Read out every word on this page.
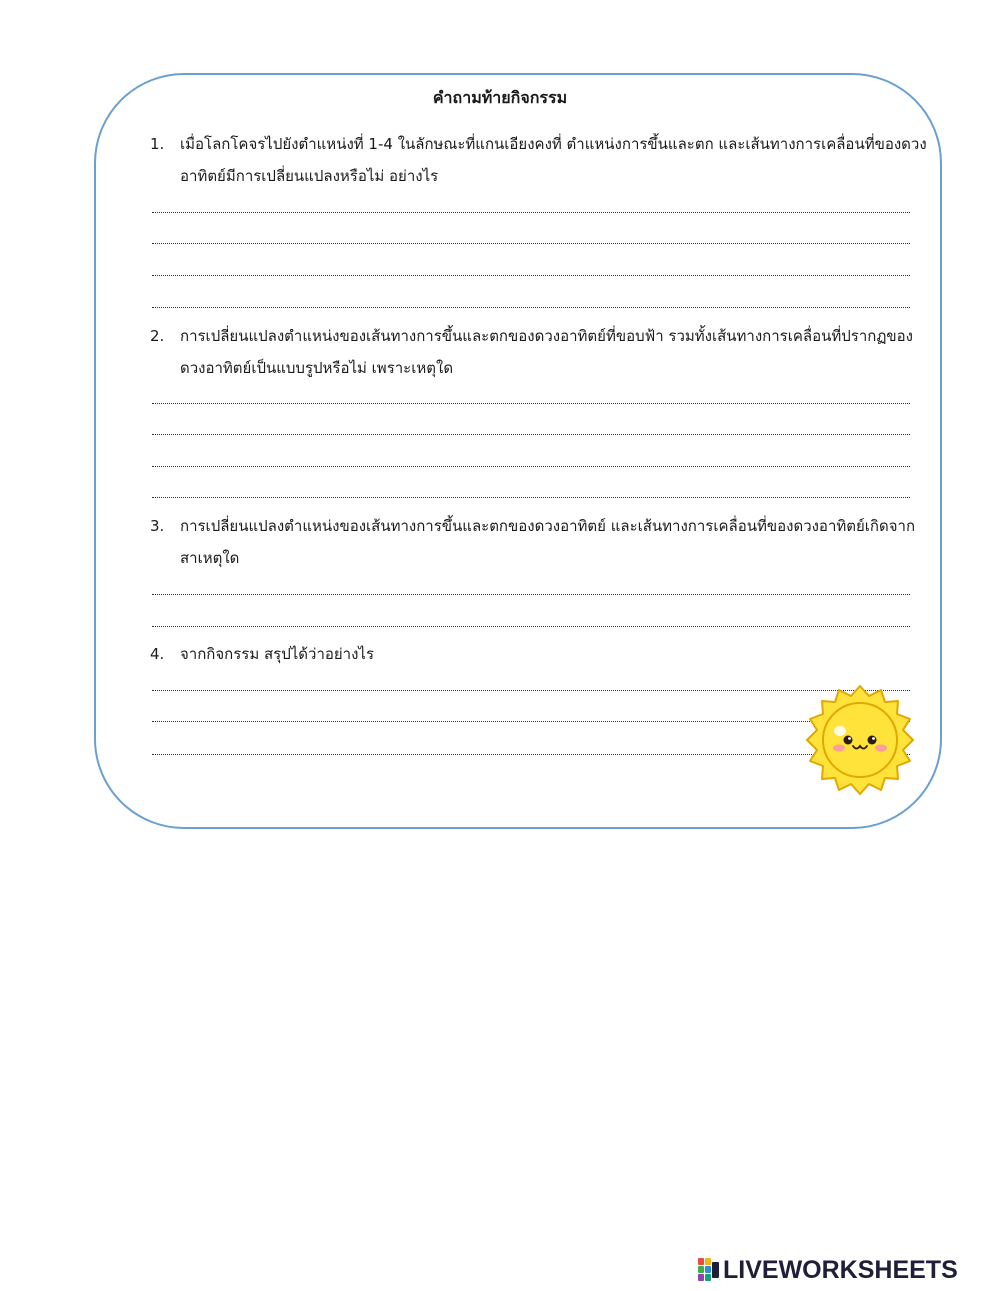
คำถามท้ายกิจกรรม
1.	เมื่อโลกโคจรไปยังตำแหน่งที่ 1-4 ในลักษณะที่แกนเอียงคงที่ ตำแหน่งการขึ้นและตก และเส้นทางการเคลื่อนที่ของดวงอาทิตย์มีการเปลี่ยนแปลงหรือไม่ อย่างไร
2.	การเปลี่ยนแปลงตำแหน่งของเส้นทางการขึ้นและตกของดวงอาทิตย์ที่ขอบฟ้า รวมทั้งเส้นทางการเคลื่อนที่ปรากฏของดวงอาทิตย์เป็นแบบรูปหรือไม่ เพราะเหตุใด
3.	การเปลี่ยนแปลงตำแหน่งของเส้นทางการขึ้นและตกของดวงอาทิตย์ และเส้นทางการเคลื่อนที่ของดวงอาทิตย์เกิดจากสาเหตุใด
4.	จากกิจกรรม สรุปได้ว่าอย่างไร
LIVEWORKSHEETS
